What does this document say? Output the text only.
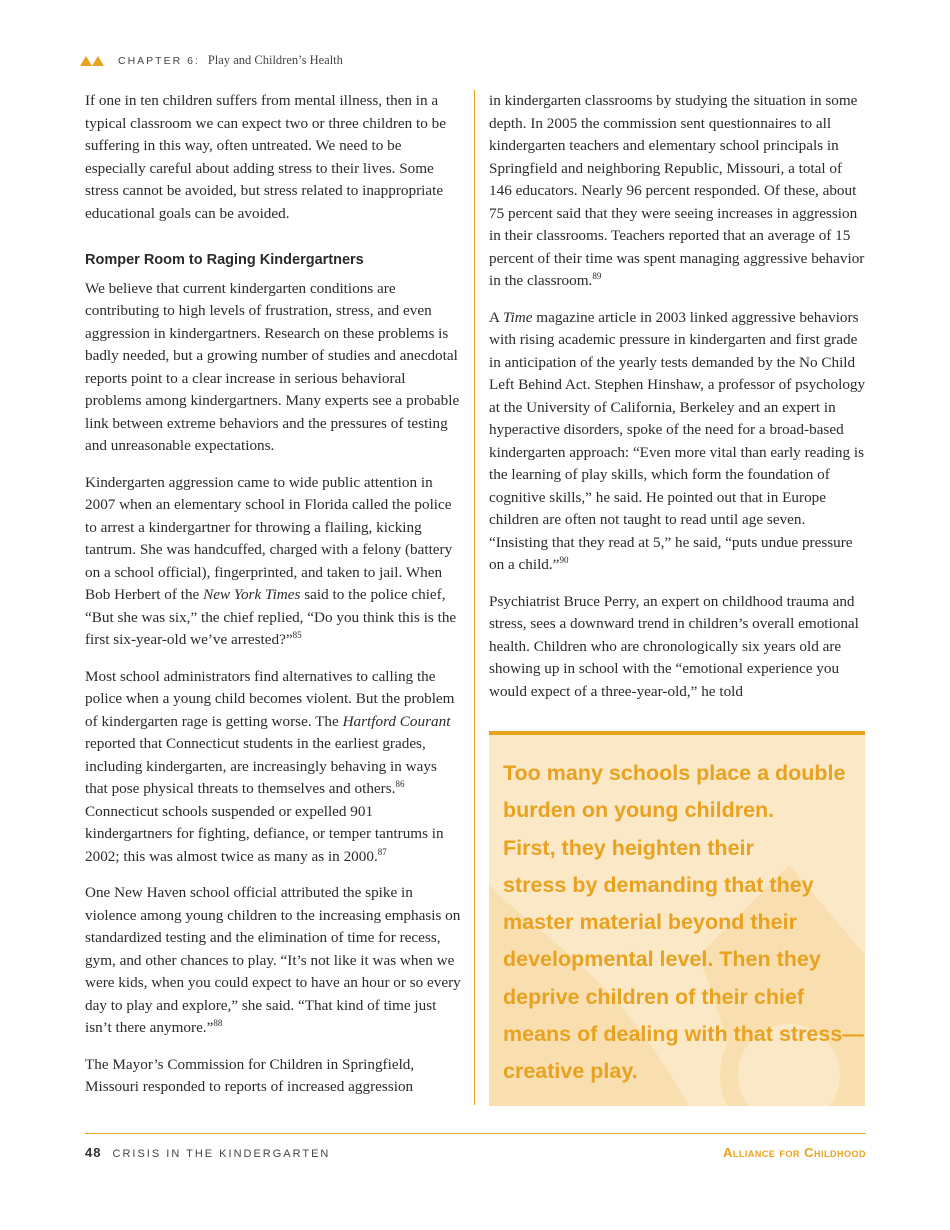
CHAPTER 6: Play and Children’s Health

If one in ten children suffers from mental illness, then in a typical classroom we can expect two or three children to be suffering in this way, often untreated. We need to be especially careful about adding stress to their lives. Some stress cannot be avoided, but stress related to inappropriate educational goals can be avoided.

Romper Room to Raging Kindergartners

We believe that current kindergarten conditions are contributing to high levels of frustration, stress, and even aggression in kindergartners. Research on these problems is badly needed, but a growing number of studies and anecdotal reports point to a clear increase in serious behavioral problems among kindergartners. Many experts see a probable link between extreme behaviors and the pressures of testing and unreasonable expectations.

Kindergarten aggression came to wide public attention in 2007 when an elementary school in Florida called the police to arrest a kindergartner for throwing a flailing, kicking tantrum. She was handcuffed, charged with a felony (battery on a school official), fingerprinted, and taken to jail. When Bob Herbert of the New York Times said to the police chief, “But she was six,” the chief replied, “Do you think this is the first six-year-old we’ve arrested?”$^{85}$

Most school administrators find alternatives to calling the police when a young child becomes violent. But the problem of kindergarten rage is getting worse. The Hartford Courant reported that Connecticut students in the earliest grades, including kindergarten, are increasingly behaving in ways that pose physical threats to themselves and others.$^{86}$ Connecticut schools suspended or expelled 901 kindergartners for fighting, defiance, or temper tantrums in 2002; this was almost twice as many as in 2000.87

One New Haven school official attributed the spike in violence among young children to the increasing emphasis on standardized testing and the elimination of time for recess, gym, and other chances to play. “It’s not like it was when we were kids, when you could expect to have an hour or so every day to play and explore,” she said. “That kind of time just isn’t there anymore.”$^{88}$

The Mayor’s Commission for Children in Springfield, Missouri responded to reports of increased aggression

in kindergarten classrooms by studying the situation in some depth. In 2005 the commission sent questionnaires to all kindergarten teachers and elementary school principals in Springfield and neighboring Republic, Missouri, a total of 146 educators. Nearly 96 percent responded. Of these, about 75 percent said that they were seeing increases in aggression in their classrooms. Teachers reported that an average of 15 percent of their time was spent managing aggressive behavior in the classroom.$^{89}$

A Time magazine article in 2003 linked aggressive behaviors with rising academic pressure in kindergarten and first grade in anticipation of the yearly tests demanded by the No Child Left Behind Act. Stephen Hinshaw, a professor of psychology at the University of California, Berkeley and an expert in hyperactive disorders, spoke of the need for a broad-based kindergarten approach: “Even more vital than early reading is the learning of play skills, which form the foundation of cognitive skills,” he said. He pointed out that in Europe children are often not taught to read until age seven. “Insisting that they read at 5,” he said, “puts undue pressure on a child.”$^{90}$

Psychiatrist Bruce Perry, an expert on childhood trauma and stress, sees a downward trend in children’s overall emotional health. Children who are chronologically six years old are showing up in school with the “emotional experience you would expect of a three-year-old,” he told

Too many schools place a double
burden on young children.
First, they heighten their
stress by demanding that they
master material beyond their
developmental level. Then they
deprive children of their chief
means of dealing with that stress—
creative play.
48 CRISIS IN THE KINDERGARTEN	Alliance for Childhood
